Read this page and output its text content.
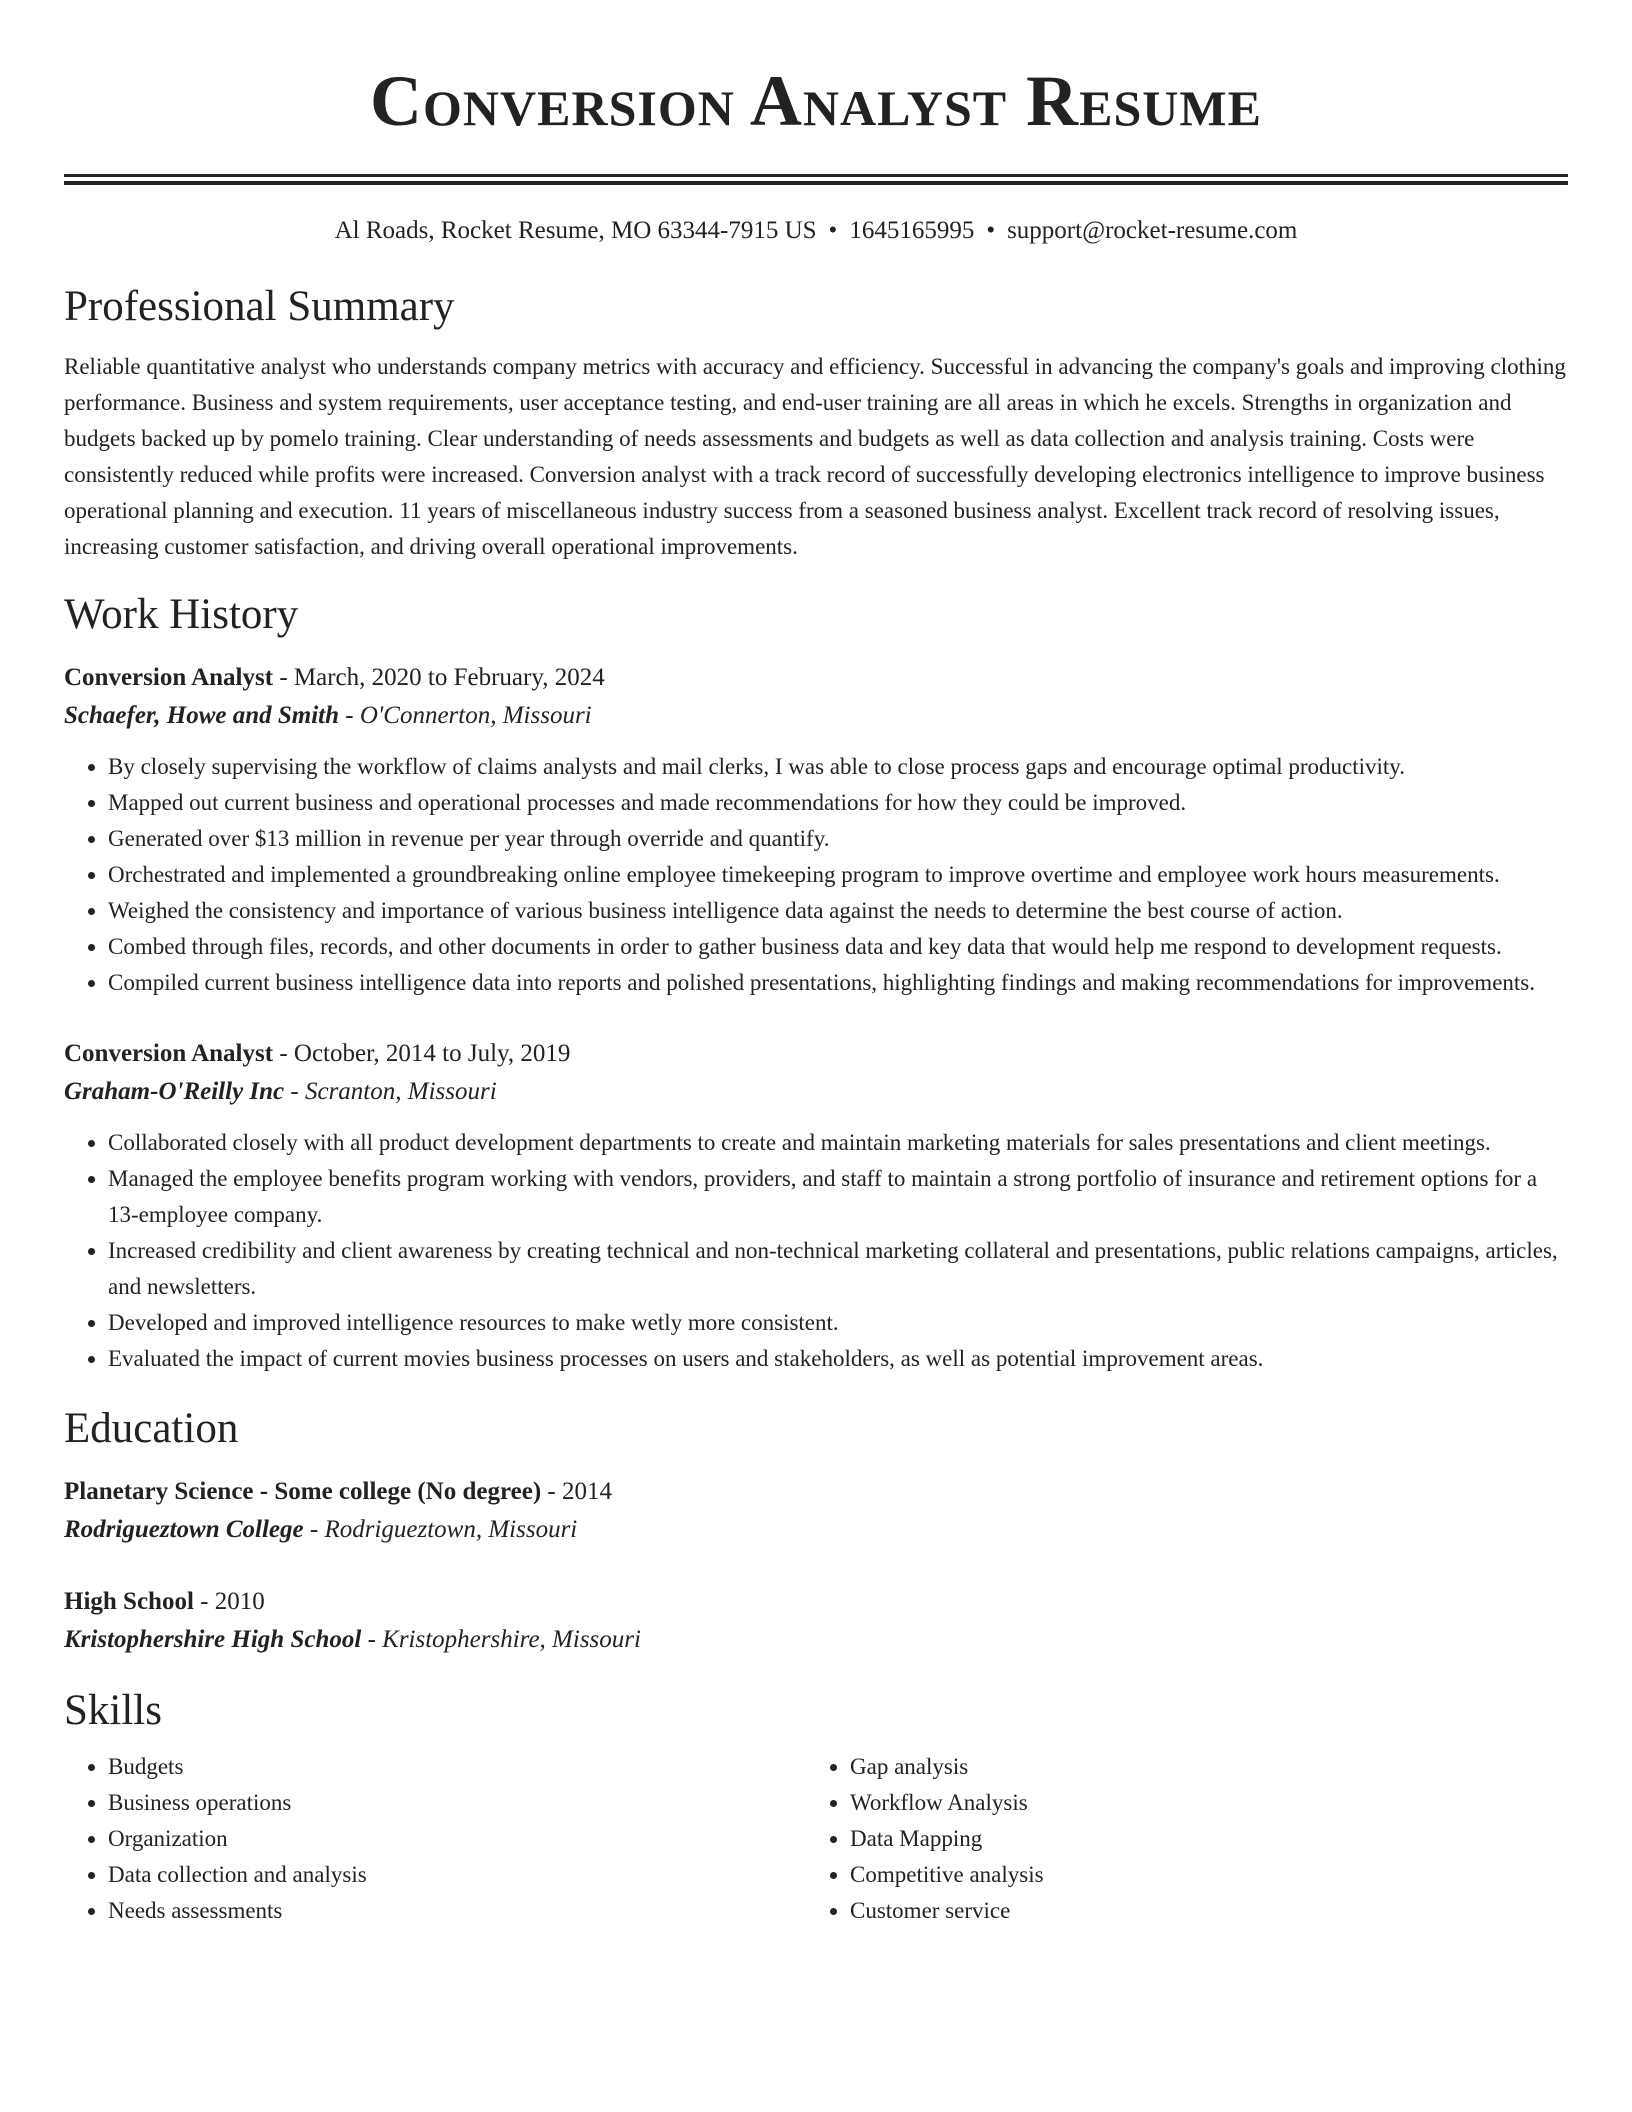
Conversion Analyst Resume
Al Roads, Rocket Resume, MO 63344-7915 US • 1645165995 • support@rocket-resume.com
Professional Summary
Reliable quantitative analyst who understands company metrics with accuracy and efficiency. Successful in advancing the company's goals and improving clothing performance. Business and system requirements, user acceptance testing, and end-user training are all areas in which he excels. Strengths in organization and budgets backed up by pomelo training. Clear understanding of needs assessments and budgets as well as data collection and analysis training. Costs were consistently reduced while profits were increased. Conversion analyst with a track record of successfully developing electronics intelligence to improve business operational planning and execution. 11 years of miscellaneous industry success from a seasoned business analyst. Excellent track record of resolving issues, increasing customer satisfaction, and driving overall operational improvements.
Work History
Conversion Analyst - March, 2020 to February, 2024
Schaefer, Howe and Smith - O'Connerton, Missouri
• By closely supervising the workflow of claims analysts and mail clerks, I was able to close process gaps and encourage optimal productivity.
• Mapped out current business and operational processes and made recommendations for how they could be improved.
• Generated over $13 million in revenue per year through override and quantify.
• Orchestrated and implemented a groundbreaking online employee timekeeping program to improve overtime and employee work hours measurements.
• Weighed the consistency and importance of various business intelligence data against the needs to determine the best course of action.
• Combed through files, records, and other documents in order to gather business data and key data that would help me respond to development requests.
• Compiled current business intelligence data into reports and polished presentations, highlighting findings and making recommendations for improvements.
Conversion Analyst - October, 2014 to July, 2019
Graham-O'Reilly Inc - Scranton, Missouri
• Collaborated closely with all product development departments to create and maintain marketing materials for sales presentations and client meetings.
• Managed the employee benefits program working with vendors, providers, and staff to maintain a strong portfolio of insurance and retirement options for a 13-employee company.
• Increased credibility and client awareness by creating technical and non-technical marketing collateral and presentations, public relations campaigns, articles, and newsletters.
• Developed and improved intelligence resources to make wetly more consistent.
• Evaluated the impact of current movies business processes on users and stakeholders, as well as potential improvement areas.
Education
Planetary Science - Some college (No degree) - 2014
Rodrigueztown College - Rodrigueztown, Missouri
High School - 2010
Kristophershire High School - Kristophershire, Missouri
Skills
• Budgets
• Business operations
• Organization
• Data collection and analysis
• Needs assessments
• Gap analysis
• Workflow Analysis
• Data Mapping
• Competitive analysis
• Customer service
